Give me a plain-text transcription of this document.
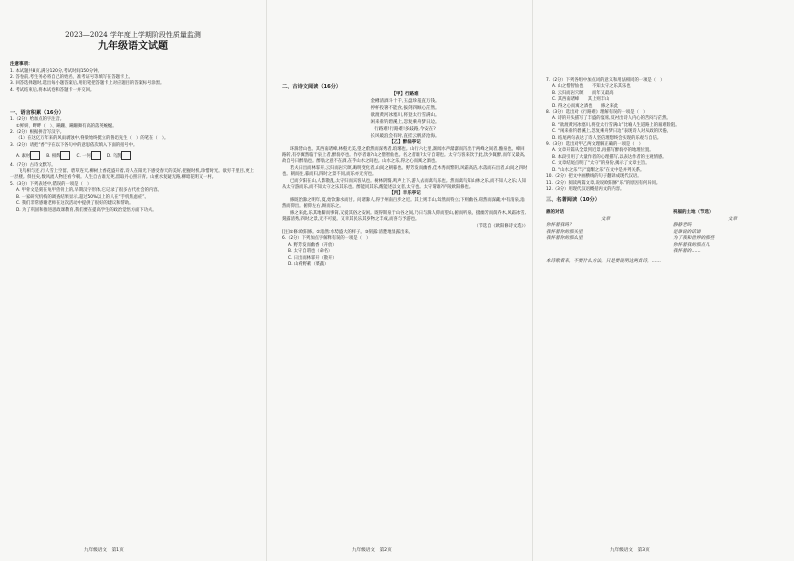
2023—2024 学年度上学期阶段性质量监测
九年级语文试题
注意事项：
1. 本试题共8页,满分120分,考试时间150分钟。
2. 答卷前,考生务必将自己的姓名、准考证号等填写在答题卡上。
3. 回答选择题时,选出每小题答案后,用铅笔把答题卡上对应题目的答案标号涂黑。
4. 考试结束后,将本试卷和答题卡一并交回。
一、语言积累（16分）
1.（2分）给加点的字注音。
①鲜妍、畔畔（　）、蹒跚、蹒跚舞有高的落英蜿蜒。
2.（2分）根据拼音写汉字。
（1）在这亿万年来的风雨剥蚀中,脊梁始终挺立的鲁迅先生（　）的笔在（　）。
3.（2分）请把“香”字在以下各句中的意思依次填入下面的括号中。
A. 素材	B. 相辉	C. 一何	D. 乌鹊
4.（7分）古诗文默写。
飞鸟相与还,行人雪上空留。碧草连天,柳树上香花盛开着,诗人在阳光下感受春天的美好,把握时机,珍惜时光。欲穷千里目,更上一层楼。俱往矣,数风流人物还看今朝。人生自古谁无死,留取丹心照汗青。山重水复疑无路,柳暗花明又一村。
5.（3分）下列表述中,错误的一项是（　）
A. 甲骨文是刻在龟甲兽骨上的,早期汉字形体,它记录了很多古代社会的内容。
B. 一家研究机构的调查结果显示,超过50%以上的人在“手机焦虑症”。
C. 我们非常感谢老师在这次活动中提供了很好的建议和帮助。
D. 为了巩固和推进思政课教育,我们要在提高学生的政治觉悟方面下功夫。
二、古诗文阅读（16分）
【甲】行路难
金樽清酒斗十千,玉盘珍羞直万钱。
停杯投箸不能食,拔剑四顾心茫然。
欲渡黄河冰塞川,将登太行雪满山。
闲来垂钓碧溪上,忽复乘舟梦日边。
行路难!行路难!多歧路,今安在?
长风破浪会有时,直挂云帆济沧海。
【乙】醉翁亭记
环滁皆山也。其西南诸峰,林壑尤美,望之蔚然而深秀者,琅琊也。山行六七里,渐闻水声潺潺而泻出于两峰之间者,酿泉也。峰回路转,有亭翼然临于泉上者,醉翁亭也。作亭者谁?山之僧智仙也。名之者谁?太守自谓也。太守与客来饮于此,饮少辄醉,而年又最高,故自号曰醉翁也。醉翁之意不在酒,在乎山水之间也。山水之乐,得之心而寓之酒也。
若夫日出而林霏开,云归而岩穴暝,晦明变化者,山间之朝暮也。野芳发而幽香,佳木秀而繁阴,风霜高洁,水落而石出者,山间之四时也。朝而往,暮而归,四时之景不同,而乐亦无穷也。
已而夕阳在山,人影散乱,太守归而宾客从也。树林阴翳,鸣声上下,游人去而禽鸟乐也。然而禽鸟知山林之乐,而不知人之乐;人知从太守游而乐,而不知太守之乐其乐也。醉能同其乐,醒能述以文者,太守也。太守谓谁?庐陵欧阳修也。
【丙】丰乐亭记
修既治滁之明年,夏,始饮滁水而甘。问诸滁人,得于州南百步之近。其上则丰山,耸然而特立;下则幽谷,窈然而深藏;中有清泉,滃然而仰出。俯仰左右,顾而乐之。
修之来此,乐其地僻而事简,又爱其俗之安闲。既得斯泉于山谷之间,乃日与滁人仰而望山,俯而听泉。掇幽芳而荫乔木,风霜冰雪,刻露清秀,四时之景,无不可爱。又幸其民乐其岁物之丰成,而喜与予游也。
（节选自《欧阳修诗文选》）
[注]①修:欧阳修。②滃然:水势盛大的样子。③刻露:清楚地显露出来。
6.（2分）下列加点字解释有误的一项是（　）
A. 野芳发而幽香（开放）
B. 太守自谓也（命名）
C. 日出而林霏开（散开）
D. 山肴野蔌（菜蔬）
7.（2分）下列各组中加点词的意义和用法相同的一项是（　）
A. 山之僧智仙也　　不知太守之乐其乐也
B. 云归而岩穴暝　　而年又最高
C. 其西南诸峰　　其上则丰山
D. 得之心而寓之酒也　　修之来此
8.（3分）选出对《行路难》理解有误的一项是（　）
A. 诗的开头描写了丰盛的宴席,反衬出诗人内心的苦闷与茫然。
B. “欲渡黄河冰塞川,将登太行雪满山”比喻人生道路上的艰难险阻。
C. “闲来垂钓碧溪上,忽复乘舟梦日边”表现诗人对从政的厌倦。
D. 结尾两句表达了诗人坚信理想终会实现的乐观与自信。
9.（3分）选出对甲乙两文理解正确的一项是（　）
A. 文章开篇从全景到近景,再描写醉翁亭的地理位置。
B. 本段引用了大量作者的心理描写,以表达作者的主观情感。
C. 文章结尾点明了“太守”的身份,揭示了文章主旨。
D. “山水之乐”与“宴酣之乐”在文中是并列关系。
10.（2分）把文中画横线的句子翻译成现代汉语。
11.（2分）阅读两篇文章,说说欧阳修“乐”的原因有何异同。
12.（3分）用现代汉语概括丙文的内容。
三、名著阅读（10分）
鼎的对话
文章
你怀着我吗？
我怀着你的那头里
我怀着你的那么里
祝福的土地（节选）
文章
静静老吗
是谁说的话语
为了我和世界的那些
你怀着我的那点儿
我怀着的……
本诗歌看来，不要什么方法，只是要说明这两首诗，……
九年级语文　第1页	九年级语文　第2页	九年级语文　第3页
